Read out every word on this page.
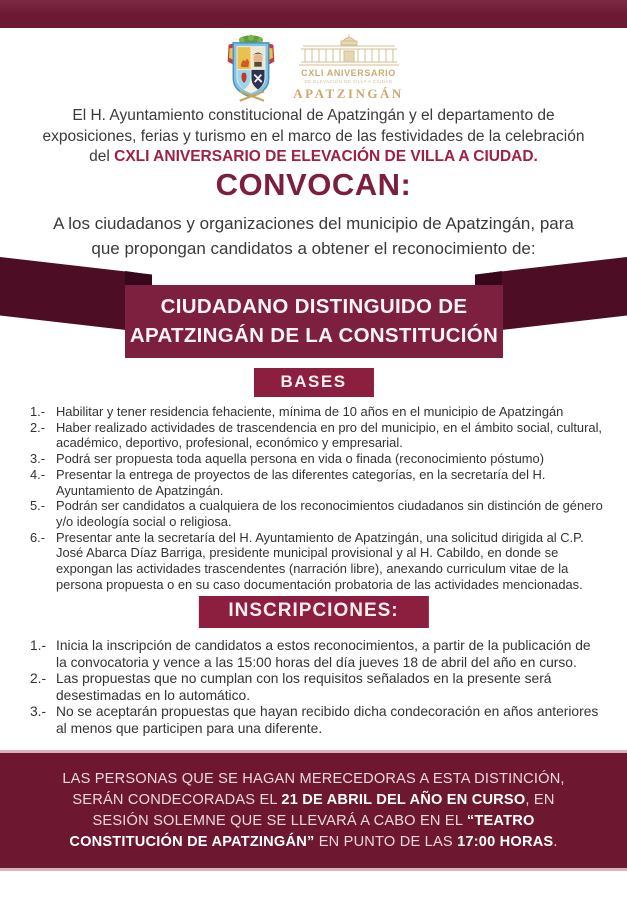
CXLI ANIVERSARIO
DE ELEVACIÓN DE VILLA A CIUDAD
APATZINGÁN

El H. Ayuntamiento constitucional de Apatzingán y el departamento de exposiciones, ferias y turismo en el marco de las festividades de la celebración del CXLI ANIVERSARIO DE ELEVACIÓN DE VILLA A CIUDAD.

CONVOCAN:

A los ciudadanos y organizaciones del municipio de Apatzingán, para que propongan candidatos a obtener el reconocimiento de:

CIUDADANO DISTINGUIDO DE
APATZINGÁN DE LA CONSTITUCIÓN
BASES
1.- Habilitar y tener residencia fehaciente, mínima de 10 años en el municipio de Apatzingán
2.- Haber realizado actividades de trascendencia en pro del municipio, en el ámbito social, cultural, académico, deportivo, profesional, económico y empresarial.
3.- Podrá ser propuesta toda aquella persona en vida o finada (reconocimiento póstumo)
4.- Presentar la entrega de proyectos de las diferentes categorías, en la secretaría del H. Ayuntamiento de Apatzingán.
5.- Podrán ser candidatos a cualquiera de los reconocimientos ciudadanos sin distinción de género y/o ideología social o religiosa.
6.- Presentar ante la secretaría del H. Ayuntamiento de Apatzingán, una solicitud dirigida al C.P. José Abarca Díaz Barriga, presidente municipal provisional y al H. Cabildo, en donde se expongan las actividades trascendentes (narración libre), anexando curriculum vitae de la persona propuesta o en su caso documentación probatoria de las actividades mencionadas.
INSCRIPCIONES:
1.- Inicia la inscripción de candidatos a estos reconocimientos, a partir de la publicación de la convocatoria y vence a las 15:00 horas del día jueves 18 de abril del año en curso.
2.- Las propuestas que no cumplan con los requisitos señalados en la presente será desestimadas en lo automático.
3.- No se aceptarán propuestas que hayan recibido dicha condecoración en años anteriores al menos que participen para una diferente.

LAS PERSONAS QUE SE HAGAN MERECEDORAS A ESTA DISTINCIÓN, SERÁN CONDECORADAS EL 21 DE ABRIL DEL AÑO EN CURSO, EN SESIÓN SOLEMNE QUE SE LLEVARÁ A CABO EN EL “TEATRO CONSTITUCIÓN DE APATZINGÁN” EN PUNTO DE LAS 17:00 HORAS.
